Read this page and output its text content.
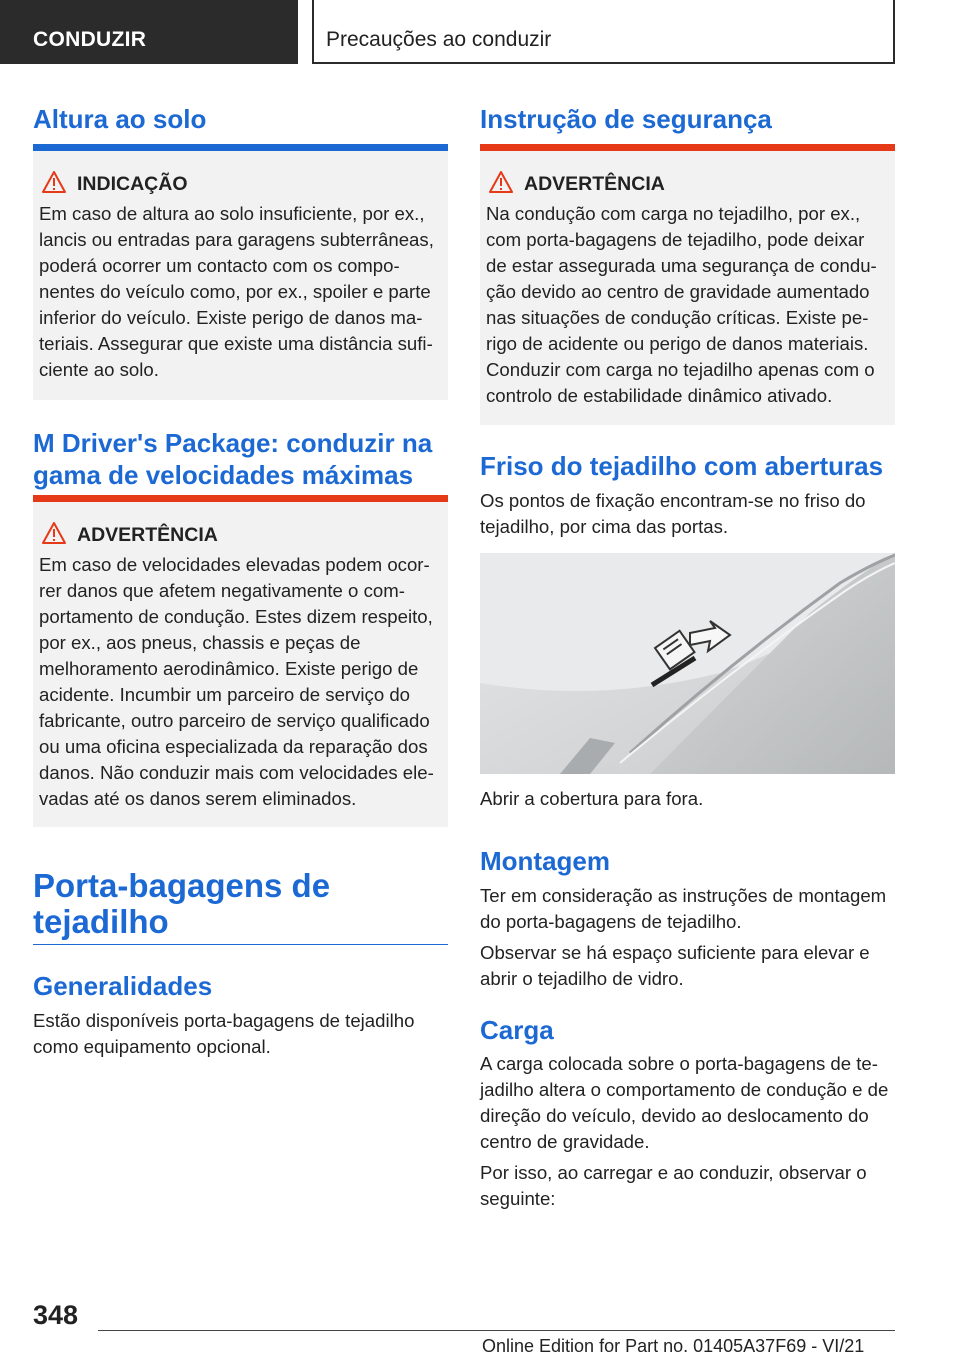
CONDUZIR	Precauções ao conduzir
Altura ao solo
INDICAÇÃO
Em caso de altura ao solo insuficiente, por ex., lancis ou entradas para garagens subterrâneas, poderá ocorrer um contacto com os componentes do veículo como, por ex., spoiler e parte inferior do veículo. Existe perigo de danos materiais. Assegurar que existe uma distância suficiente ao solo.
M Driver's Package: conduzir na gama de velocidades máximas
ADVERTÊNCIA
Em caso de velocidades elevadas podem ocorrer danos que afetem negativamente o comportamento de condução. Estes dizem respeito, por ex., aos pneus, chassis e peças de melhoramento aerodinâmico. Existe perigo de acidente. Incumbir um parceiro de serviço do fabricante, outro parceiro de serviço qualificado ou uma oficina especializada da reparação dos danos. Não conduzir mais com velocidades elevadas até os danos serem eliminados.
Porta-bagagens de tejadilho
Generalidades

Estão disponíveis porta-bagagens de tejadilho como equipamento opcional.

Instrução de segurança
ADVERTÊNCIA
Na condução com carga no tejadilho, por ex., com porta-bagagens de tejadilho, pode deixar de estar assegurada uma segurança de condução devido ao centro de gravidade aumentado nas situações de condução críticas. Existe perigo de acidente ou perigo de danos materiais. Conduzir com carga no tejadilho apenas com o controlo de estabilidade dinâmico ativado.
Friso do tejadilho com aberturas

Os pontos de fixação encontram-se no friso do tejadilho, por cima das portas.

Abrir a cobertura para fora.

Montagem

Ter em consideração as instruções de montagem do porta-bagagens de tejadilho.

Observar se há espaço suficiente para elevar e abrir o tejadilho de vidro.

Carga

A carga colocada sobre o porta-bagagens de tejadilho altera o comportamento de condução e de direção do veículo, devido ao deslocamento do centro de gravidade.

Por isso, ao carregar e ao conduzir, observar o seguinte:

348
Online Edition for Part no. 01405A37F69 - VI/21
